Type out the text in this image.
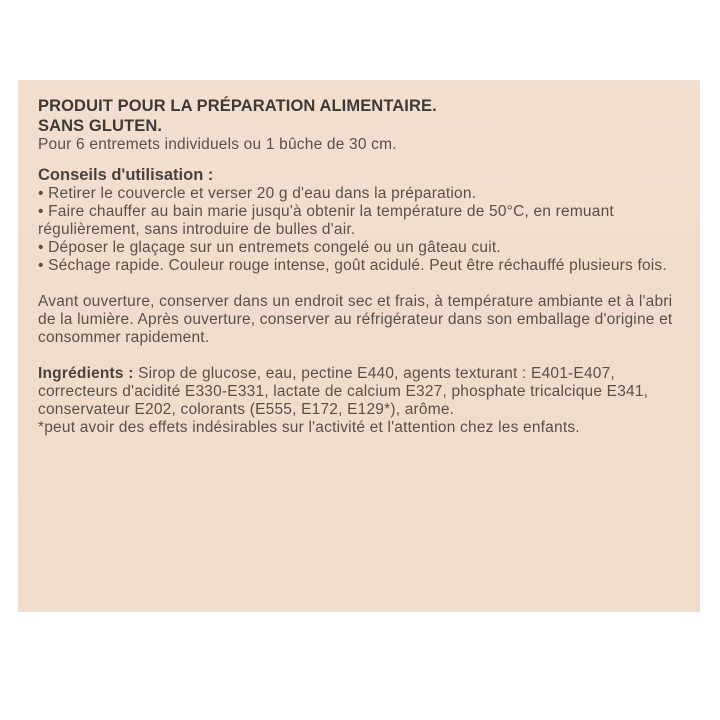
PRODUIT POUR LA PRÉPARATION ALIMENTAIRE.
SANS GLUTEN.

Pour 6 entremets individuels ou 1 bûche de 30 cm.

Conseils d'utilisation :

• Retirer le couvercle et verser 20 g d'eau dans la préparation.

• Faire chauffer au bain marie jusqu'à obtenir la température de 50°C, en remuant régulièrement, sans introduire de bulles d'air.

• Déposer le glaçage sur un entremets congelé ou un gâteau cuit.

• Séchage rapide. Couleur rouge intense, goût acidulé. Peut être réchauffé plusieurs fois.

Avant ouverture, conserver dans un endroit sec et frais, à température ambiante et à l'abri de la lumière. Après ouverture, conserver au réfrigérateur dans son emballage d'origine et consommer rapidement.

Ingrédients : Sirop de glucose, eau, pectine E440, agents texturant : E401-E407, correcteurs d'acidité E330-E331, lactate de calcium E327, phosphate tricalcique E341, conservateur E202, colorants (E555, E172, E129*), arôme.

*peut avoir des effets indésirables sur l'activité et l'attention chez les enfants.
